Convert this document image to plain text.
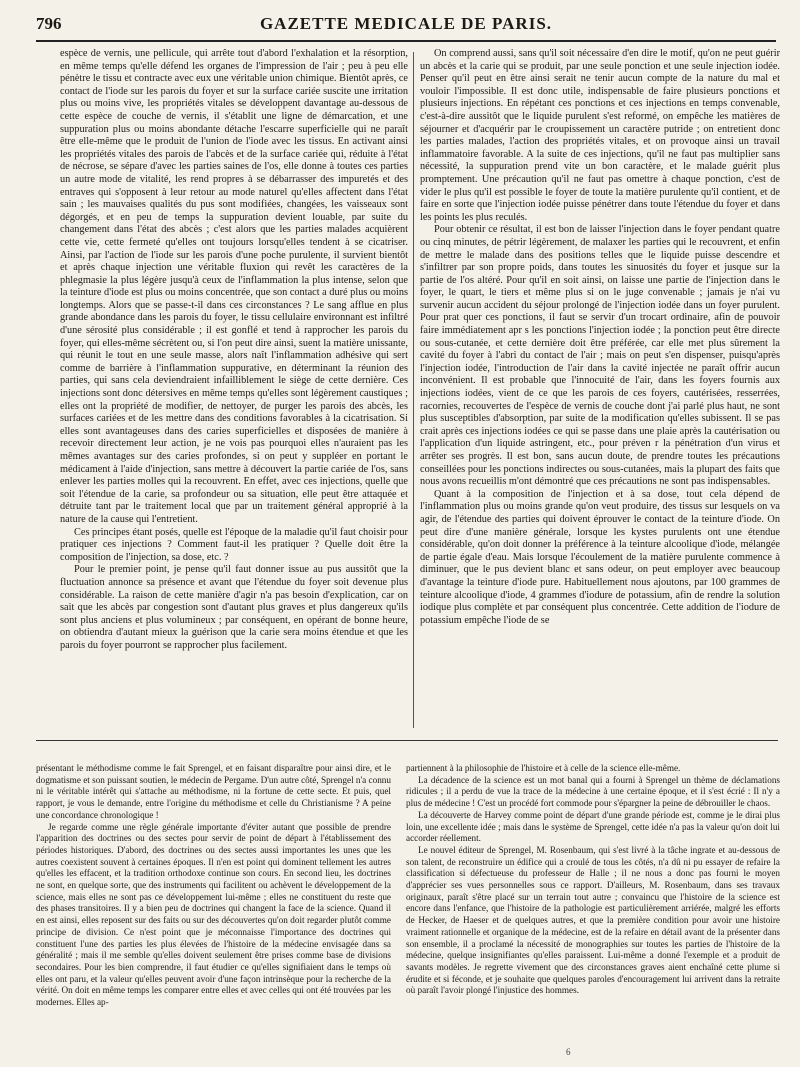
796	GAZETTE MEDICALE DE PARIS.

espèce de vernis, une pellicule, qui arrête tout d'abord l'exhalation et la résorption, en même temps qu'elle défend les organes de l'impression de l'air ; peu à peu elle pénètre le tissu et contracte avec eux une véritable union chimique. Bientôt après, ce contact de l'iode sur les parois du foyer et sur la surface cariée suscite une irritation plus ou moins vive, les propriétés vitales se développent davantage au-dessous de cette espèce de couche de vernis, il s'établit une ligne de démarcation, et une suppuration plus ou moins abondante détache l'escarre superficielle qui ne paraît être elle-même que le produit de l'union de l'iode avec les tissus. En activant ainsi les propriétés vitales des parois de l'abcès et de la surface cariée qui, réduite à l'état de nécrose, se sépare d'avec les parties saines de l'os, elle donne à toutes ces parties un autre mode de vitalité, les rend propres à se débarrasser des impuretés et des entraves qui s'opposent à leur retour au mode naturel qu'elles affectent dans l'état sain ; les mauvaises qualités du pus sont modifiées, changées, les vaisseaux sont dégorgés, et en peu de temps la suppuration devient louable, par suite du changement dans l'état des abcès ; c'est alors que les parties malades acquièrent cette vie, cette fermeté qu'elles ont toujours lorsqu'elles tendent à se cicatriser. Ainsi, par l'action de l'iode sur les parois d'une poche purulente, il survient bientôt et après chaque injection une véritable fluxion qui revêt les caractères de la phlegmasie la plus légère jusqu'à ceux de l'inflammation la plus intense, selon que la teinture d'iode est plus ou moins concentrée, que son contact a duré plus ou moins longtemps. Alors que se passe-t-il dans ces circonstances ? Le sang afflue en plus grande abondance dans les parois du foyer, le tissu cellulaire environnant est infiltré d'une sérosité plus considérable ; il est gonflé et tend à rapprocher les parois du foyer, qui elles-même sécrètent ou, si l'on peut dire ainsi, suent la matière unissante, qui réunit le tout en une seule masse, alors naît l'inflammation adhésive qui sert comme de barrière à l'inflammation suppurative, en déterminant la réunion des parties, qui sans cela deviendraient infailliblement le siège de cette dernière. Ces injections sont donc détersives en même temps qu'elles sont légèrement caustiques ; elles ont la propriété de modifier, de nettoyer, de purger les parois des abcès, les surfaces cariées et de les mettre dans des conditions favorables à la cicatrisation. Si elles sont avantageuses dans des caries superficielles et disposées de manière à recevoir directement leur action, je ne vois pas pourquoi elles n'auraient pas les mêmes avantages sur des caries profondes, si on peut y suppléer en portant le médicament à l'aide d'injection, sans mettre à découvert la partie cariée de l'os, sans enlever les parties molles qui la recouvrent. En effet, avec ces injections, quelle que soit l'étendue de la carie, sa profondeur ou sa situation, elle peut être attaquée et détruite tant par le traitement local que par un traitement général approprié à la nature de la cause qui l'entretient.

Ces principes étant posés, quelle est l'époque de la maladie qu'il faut choisir pour pratiquer ces injections ? Comment faut-il les pratiquer ? Quelle doit être la composition de l'injection, sa dose, etc. ?

Pour le premier point, je pense qu'il faut donner issue au pus aussitôt que la fluctuation annonce sa présence et avant que l'étendue du foyer soit devenue plus considérable. La raison de cette manière d'agir n'a pas besoin d'explication, car on sait que les abcès par congestion sont d'autant plus graves et plus dangereux qu'ils sont plus anciens et plus volumineux ; par conséquent, en opérant de bonne heure, on obtiendra d'autant mieux la guérison que la carie sera moins étendue et que les parois du foyer pourront se rapprocher plus facilement.

On comprend aussi, sans qu'il soit nécessaire d'en dire le motif, qu'on ne peut guérir un abcès et la carie qui se produit, par une seule ponction et une seule injection iodée. Penser qu'il peut en être ainsi serait ne tenir aucun compte de la nature du mal et vouloir l'impossible. Il est donc utile, indispensable de faire plusieurs ponctions et plusieurs injections. En répétant ces ponctions et ces injections en temps convenable, c'est-à-dire aussitôt que le liquide purulent s'est reformé, on empêche les matières de séjourner et d'acquérir par le croupissement un caractère putride ; on entretient donc les parties malades, l'action des propriétés vitales, et on provoque ainsi un travail inflammatoire favorable. A la suite de ces injections, qu'il ne faut pas multiplier sans nécessité, la suppuration prend vite un bon caractère, et le malade guérit plus promptement. Une précaution qu'il ne faut pas omettre à chaque ponction, c'est de vider le plus qu'il est possible le foyer de toute la matière purulente qu'il contient, et de faire en sorte que l'injection iodée puisse pénétrer dans toute l'étendue du foyer et dans les points les plus reculés.

Pour obtenir ce résultat, il est bon de laisser l'injection dans le foyer pendant quatre ou cinq minutes, de pétrir légèrement, de malaxer les parties qui le recouvrent, et enfin de mettre le malade dans des positions telles que le liquide puisse descendre et s'infiltrer par son propre poids, dans toutes les sinuosités du foyer et jusque sur la partie de l'os altéré. Pour qu'il en soit ainsi, on laisse une partie de l'injection dans le foyer, le quart, le tiers et même plus si on le juge convenable ; jamais je n'ai vu survenir aucun accident du séjour prolongé de l'injection iodée dans un foyer purulent. Pour prat quer ces ponctions, il faut se servir d'un trocart ordinaire, afin de pouvoir faire immédiatement apr s les ponctions l'injection iodée ; la ponction peut être directe ou sous-cutanée, et cette dernière doit être préférée, car elle met plus sûrement la cavité du foyer à l'abri du contact de l'air ; mais on peut s'en dispenser, puisqu'après l'injection iodée, l'introduction de l'air dans la cavité injectée ne paraît offrir aucun inconvénient. Il est probable que l'innocuité de l'air, dans les foyers fournis aux injections iodées, vient de ce que les parois de ces foyers, cautérisées, resserrées, racornies, recouvertes de l'espèce de vernis de couche dont j'ai parlé plus haut, ne sont plus susceptibles d'absorption, par suite de la modification qu'elles subissent. Il se pas crait après ces injections iodées ce qui se passe dans une plaie après la cautérisation ou l'application d'un liquide astringent, etc., pour préven r la pénétration d'un virus et arrêter ses progrès. Il est bon, sans aucun doute, de prendre toutes les précautions conseillées pour les ponctions indirectes ou sous-cutanées, mais la plupart des faits que nous avons recueillis m'ont démontré que ces précautions ne sont pas indispensables.

Quant à la composition de l'injection et à sa dose, tout cela dépend de l'inflammation plus ou moins grande qu'on veut produire, des tissus sur lesquels on va agir, de l'étendue des parties qui doivent éprouver le contact de la teinture d'iode. On peut dire d'une manière générale, lorsque les kystes purulents ont une étendue considérable, qu'on doit donner la préférence à la teinture alcoolique d'iode, mélangée de partie égale d'eau. Mais lorsque l'écoulement de la matière purulente commence à diminuer, que le pus devient blanc et sans odeur, on peut employer avec beaucoup d'avantage la teinture d'iode pure. Habituellement nous ajoutons, par 100 grammes de teinture alcoolique d'iode, 4 grammes d'iodure de potassium, afin de rendre la solution iodique plus complète et par conséquent plus concentrée. Cette addition de l'iodure de potassium empêche l'iode de se

présentant le méthodisme comme le fait Sprengel, et en faisant disparaître pour ainsi dire, et le dogmatisme et son puissant soutien, le médecin de Pergame. D'un autre côté, Sprengel n'a connu ni le véritable intérêt qui s'attache au méthodisme, ni la fortune de cette secte. Et puis, quel rapport, je vous le demande, entre l'origine du méthodisme et celle du Christianisme ? A peine une concordance chronologique !

Je regarde comme une règle générale importante d'éviter autant que possible de prendre l'apparition des doctrines ou des sectes pour servir de point de départ à l'établissement des périodes historiques. D'abord, des doctrines ou des sectes aussi importantes les unes que les autres coexistent souvent à certaines époques. Il n'en est point qui dominent tellement les autres qu'elles les effacent, et la tradition orthodoxe continue son cours. En second lieu, les doctrines ne sont, en quelque sorte, que des instruments qui facilitent ou achèvent le développement de la science, mais elles ne sont pas ce développement lui-même ; elles ne constituent du reste que des phases transitoires. Il y a bien peu de doctrines qui changent la face de la science. Quand il en est ainsi, elles reposent sur des faits ou sur des découvertes qu'on doit regarder plutôt comme principe de division. Ce n'est point que je méconnaisse l'importance des doctrines qui constituent l'une des parties les plus élevées de l'histoire de la médecine envisagée dans sa généralité ; mais il me semble qu'elles doivent seulement être prises comme base de divisions secondaires. Pour les bien comprendre, il faut étudier ce qu'elles signifiaient dans le temps où elles ont paru, et la valeur qu'elles peuvent avoir d'une façon intrinsèque pour la recherche de la vérité. On doit en même temps les comparer entre elles et avec celles qui ont été trouvées par les modernes. Elles ap-

partiennent à la philosophie de l'histoire et à celle de la science elle-même.

La décadence de la science est un mot banal qui a fourni à Sprengel un thème de déclamations ridicules ; il a perdu de vue la trace de la médecine à une certaine époque, et il s'est écrié : Il n'y a plus de médecine ! C'est un procédé fort commode pour s'épargner la peine de débrouiller le chaos.

La découverte de Harvey comme point de départ d'une grande période est, comme je le dirai plus loin, une excellente idée ; mais dans le système de Sprengel, cette idée n'a pas la valeur qu'on doit lui accorder réellement.

Le nouvel éditeur de Sprengel, M. Rosenbaum, qui s'est livré à la tâche ingrate et au-dessous de son talent, de reconstruire un édifice qui a croulé de tous les côtés, n'a dû ni pu essayer de refaire la classification si défectueuse du professeur de Halle ; il ne nous a donc pas fourni le moyen d'apprécier ses vues personnelles sous ce rapport. D'ailleurs, M. Rosenbaum, dans ses travaux originaux, paraît s'être placé sur un terrain tout autre ; convaincu que l'histoire de la science est encore dans l'enfance, que l'histoire de la pathologie est particulièrement arriérée, malgré les efforts de Hecker, de Haeser et de quelques autres, et que la première condition pour avoir une histoire vraiment rationnelle et organique de la médecine, est de la refaire en détail avant de la présenter dans son ensemble, il a proclamé la nécessité de monographies sur toutes les parties de l'histoire de la médecine, quelque insignifiantes qu'elles paraissent. Lui-même a donné l'exemple et a produit de savants modèles. Je regrette vivement que des circonstances graves aient enchaîné cette plume si érudite et si féconde, et je souhaite que quelques paroles d'encouragement lui arrivent dans la retraite où paraît l'avoir plongé l'injustice des hommes.

6
